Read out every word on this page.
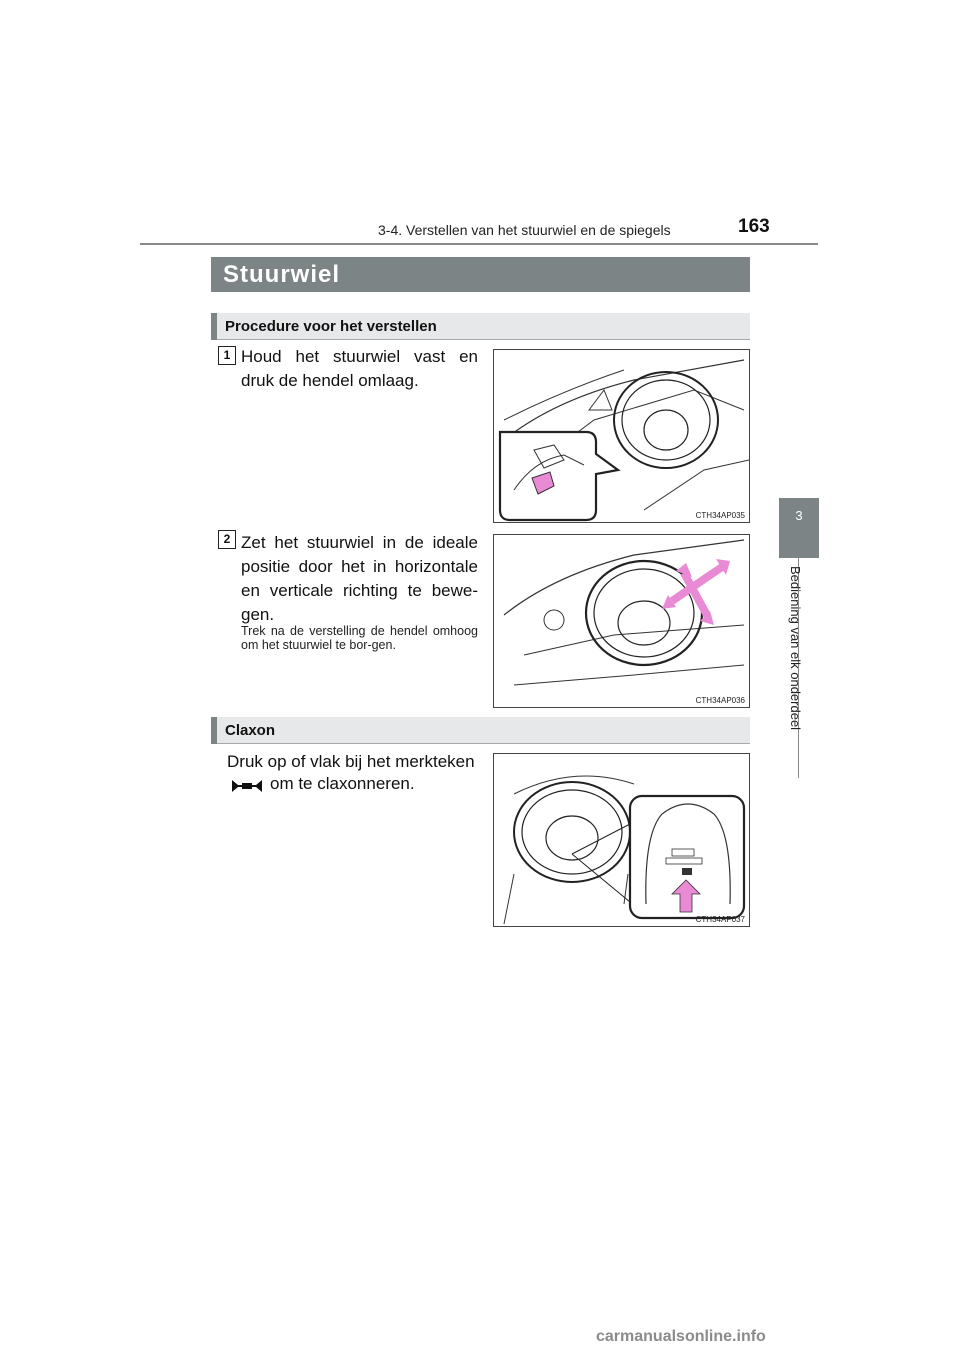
3-4. Verstellen van het stuurwiel en de spiegels	163
3
Bediening van elk onderdeel
Stuurwiel
Procedure voor het verstellen
1 Houd het stuurwiel vast en druk de hendel omlaag.
2 Zet het stuurwiel in de ideale positie door het in horizontale en verticale richting te bewe-gen.
Trek na de verstelling de hendel omhoog om het stuurwiel te bor-gen.
Claxon
Druk op of vlak bij het merkteken
om te claxonneren.
CTH34AP035
CTH34AP036
CTH34AP037
carmanualsonline.info
